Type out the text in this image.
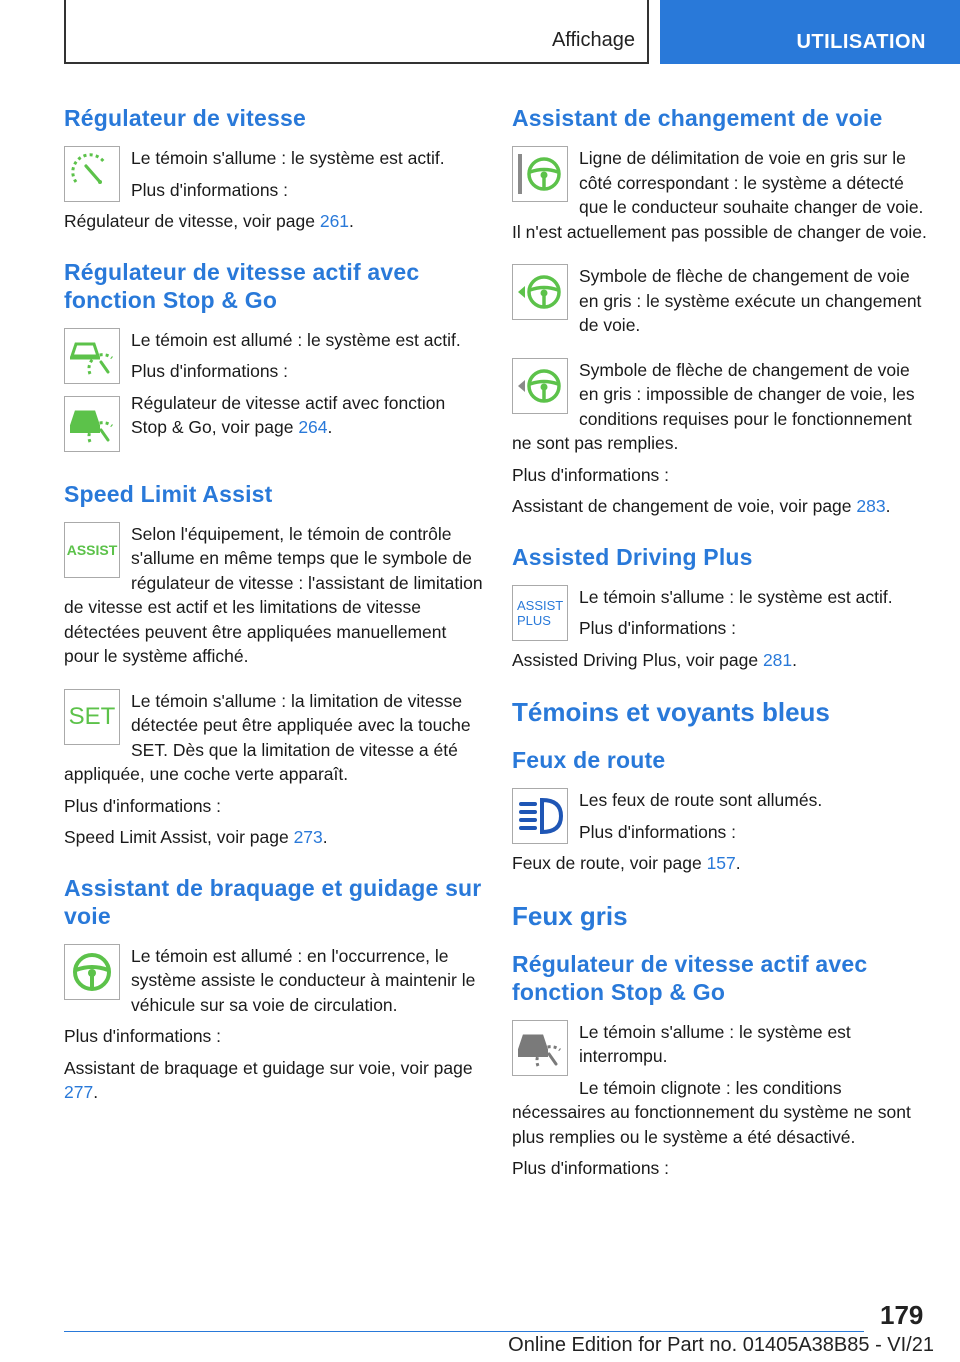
Affichage	UTILISATION
Régulateur de vitesse

Le témoin s'allume : le système est actif.

Plus d'informations :

Régulateur de vitesse, voir page 261.

Régulateur de vitesse actif avec fonction Stop & Go

Le témoin est allumé : le système est actif.

Plus d'informations :

Régulateur de vitesse actif avec fonction Stop & Go, voir page 264.

Speed Limit Assist
ASSIST

Selon l'équipement, le témoin de contrôle s'allume en même temps que le symbole de régulateur de vitesse : l'assistant de limitation de vitesse est actif et les limitations de vitesse détectées peuvent être appliquées manuellement pour le système affiché.

SET

Le témoin s'allume : la limitation de vitesse détectée peut être appliquée avec la touche SET. Dès que la limitation de vitesse a été appliquée, une coche verte apparaît.

Plus d'informations :

Speed Limit Assist, voir page 273.

Assistant de braquage et guidage sur voie

Le témoin est allumé : en l'occurrence, le système assiste le conducteur à maintenir le véhicule sur sa voie de circulation.

Plus d'informations :

Assistant de braquage et guidage sur voie, voir page 277.

Assistant de changement de voie

Ligne de délimitation de voie en gris sur le côté correspondant : le système a détecté que le conducteur souhaite changer de voie. Il n'est actuellement pas possible de changer de voie.

Symbole de flèche de changement de voie en gris : le système exécute un changement de voie.

Symbole de flèche de changement de voie en gris : impossible de changer de voie, les conditions requises pour le fonctionnement ne sont pas remplies.

Plus d'informations :

Assistant de changement de voie, voir page 283.

Assisted Driving Plus
ASSIST
PLUS

Le témoin s'allume : le système est actif.

Plus d'informations :

Assisted Driving Plus, voir page 281.

Témoins et voyants bleus
Feux de route

Les feux de route sont allumés.

Plus d'informations :

Feux de route, voir page 157.

Feux gris
Régulateur de vitesse actif avec fonction Stop & Go

Le témoin s'allume : le système est interrompu.

Le témoin clignote : les conditions nécessaires au fonctionnement du système ne sont plus remplies ou le système a été désactivé.

Plus d'informations :

179
Online Edition for Part no. 01405A38B85 - VI/21
